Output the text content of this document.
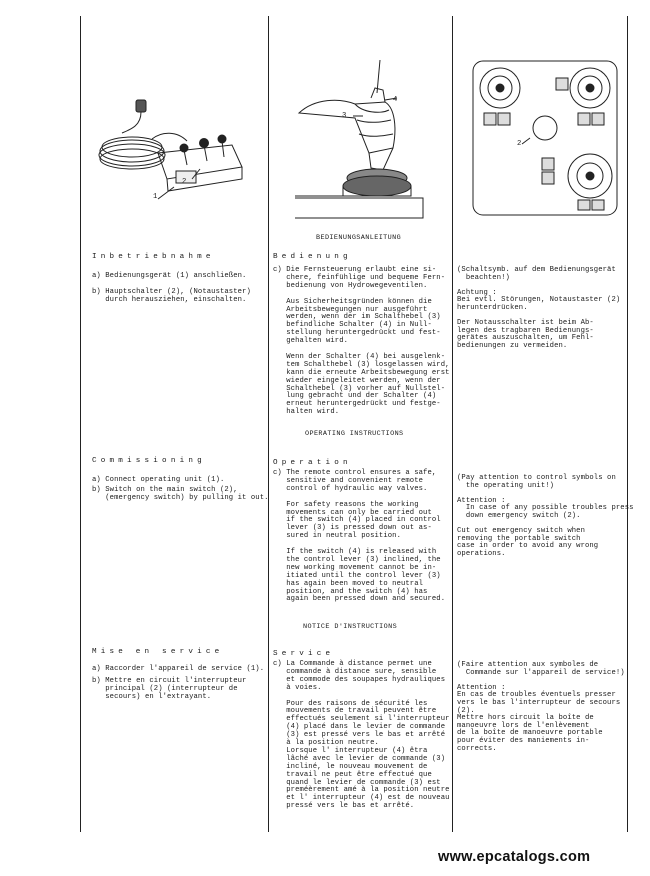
1
2
4
3
2
BEDIENUNGSANLEITUNG
Inbetriebnahme
a) Bedienungsgerät (1) anschließen.
b) Hauptschalter (2), (Notaustaster)
durch herausziehen, einschalten.
Bedienung
c) Die Fernsteuerung erlaubt eine si-
chere, feinfühlige und bequeme Fern-
bedienung von Hydrowegeventilen.
Aus Sicherheitsgründen können die
Arbeitsbewegungen nur ausgeführt
werden, wenn der im Schalthebel (3)
befindliche Schalter (4) in Null-
stellung heruntergedrückt und fest-
gehalten wird.
Wenn der Schalter (4) bei ausgelenk-
tem Schalthebel (3) losgelassen wird,
kann die erneute Arbeitsbewegung erst
wieder eingeleitet werden, wenn der
Schalthebel (3) vorher auf Nullstel-
lung gebracht und der Schalter (4)
erneut heruntergedrückt und festge-
halten wird.
(Schaltsymb. auf dem Bedienungsgerät
beachten!)
Achtung :
Bei evtl. Störungen, Notaustaster (2)
herunterdrücken.
Der Notausschalter ist beim Ab-
legen des tragbaren Bedienungs-
gerätes auszuschalten, um Fehl-
bedienungen zu vermeiden.
OPERATING INSTRUCTIONS
Commissioning
a) Connect operating unit (1).
b) Switch on the main switch (2),
(emergency switch) by pulling it out.
Operation
c) The remote control ensures a safe,
sensitive and convenient remote
control of hydraulic way valves.
For safety reasons the working
movements can only be carried out
if the switch (4) placed in control
lever (3) is pressed down out as-
sured in neutral position.
If the switch (4) is released with
the control lever (3) inclined, the
new working movement cannot be in-
itiated until the control lever (3)
has again been moved to neutral
position, and the switch (4) has
again been pressed down and secured.
(Pay attention to control symbols on
the operating unit!)
Attention :
In case of any possible troubles press
down emergency switch (2).
Cut out emergency switch when
removing the portable switch
case in order to avoid any wrong
operations.
NOTICE D'INSTRUCTIONS
Mise en service
a) Raccorder l'appareil de service (1).
b) Mettre en circuit l'interrupteur
principal (2) (interrupteur de
secours) en l'extrayant.
Service
c) La Commande à distance permet une
commande à distance sure, sensible
et commode des soupapes hydrauliques
à voies.
Pour des raisons de sécurité les
mouvements de travail peuvent être
effectués seulement si l'interrupteur
(4) placé dans le levier de commande
(3) est pressé vers le bas et arrêté
à la position neutre.
Lorsque l' interrupteur (4) êtra
lâché avec le levier de commande (3)
incliné, le nouveau mouvement de
travail ne peut être effectué que
quand le levier de commande (3) est
preméèrement amé à la position neutre
et l' interrupteur (4) est de nouveau
pressé vers le bas et arrêté.
(Faire attention aux symboles de
Commande sur l'appareil de service!)
Attention :
En cas de troubles éventuels presser
vers le bas l'interrupteur de secours
(2).
Mettre hors circuit la boîte de
manoeuvre lors de l'enlèvement
de la boîte de manoeuvre portable
pour éviter des maniements in-
corrects.
www.epcatalogs.com
